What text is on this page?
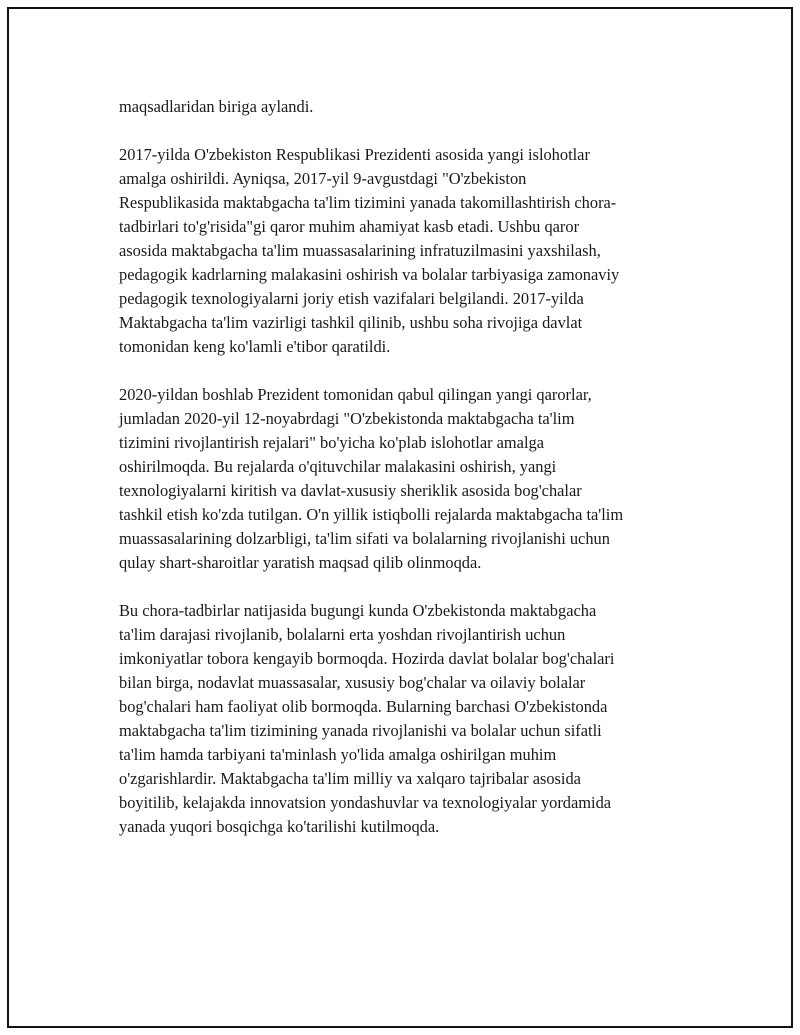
maqsadlaridan biriga aylandi.

2017-yilda O'zbekiston Respublikasi Prezidenti asosida yangi islohotlar
amalga oshirildi. Ayniqsa, 2017-yil 9-avgustdagi "O'zbekiston
Respublikasida maktabgacha ta'lim tizimini yanada takomillashtirish chora-
tadbirlari to'g'risida"gi qaror muhim ahamiyat kasb etadi. Ushbu qaror
asosida maktabgacha ta'lim muassasalarining infratuzilmasini yaxshilash,
pedagogik kadrlarning malakasini oshirish va bolalar tarbiyasiga zamonaviy
pedagogik texnologiyalarni joriy etish vazifalari belgilandi. 2017-yilda
Maktabgacha ta'lim vazirligi tashkil qilinib, ushbu soha rivojiga davlat
tomonidan keng ko'lamli e'tibor qaratildi.

2020-yildan boshlab Prezident tomonidan qabul qilingan yangi qarorlar,
jumladan 2020-yil 12-noyabrdagi "O'zbekistonda maktabgacha ta'lim
tizimini rivojlantirish rejalari" bo'yicha ko'plab islohotlar amalga
oshirilmoqda. Bu rejalarda o'qituvchilar malakasini oshirish, yangi
texnologiyalarni kiritish va davlat-xususiy sheriklik asosida bog'chalar
tashkil etish ko'zda tutilgan. O'n yillik istiqbolli rejalarda maktabgacha ta'lim
muassasalarining dolzarbligi, ta'lim sifati va bolalarning rivojlanishi uchun
qulay shart-sharoitlar yaratish maqsad qilib olinmoqda.

Bu chora-tadbirlar natijasida bugungi kunda O'zbekistonda maktabgacha
ta'lim darajasi rivojlanib, bolalarni erta yoshdan rivojlantirish uchun
imkoniyatlar tobora kengayib bormoqda. Hozirda davlat bolalar bog'chalari
bilan birga, nodavlat muassasalar, xususiy bog'chalar va oilaviy bolalar
bog'chalari ham faoliyat olib bormoqda. Bularning barchasi O'zbekistonda
maktabgacha ta'lim tizimining yanada rivojlanishi va bolalar uchun sifatli
ta'lim hamda tarbiyani ta'minlash yo'lida amalga oshirilgan muhim
o'zgarishlardir. Maktabgacha ta'lim milliy va xalqaro tajribalar asosida
boyitilib, kelajakda innovatsion yondashuvlar va texnologiyalar yordamida
yanada yuqori bosqichga ko'tarilishi kutilmoqda.
